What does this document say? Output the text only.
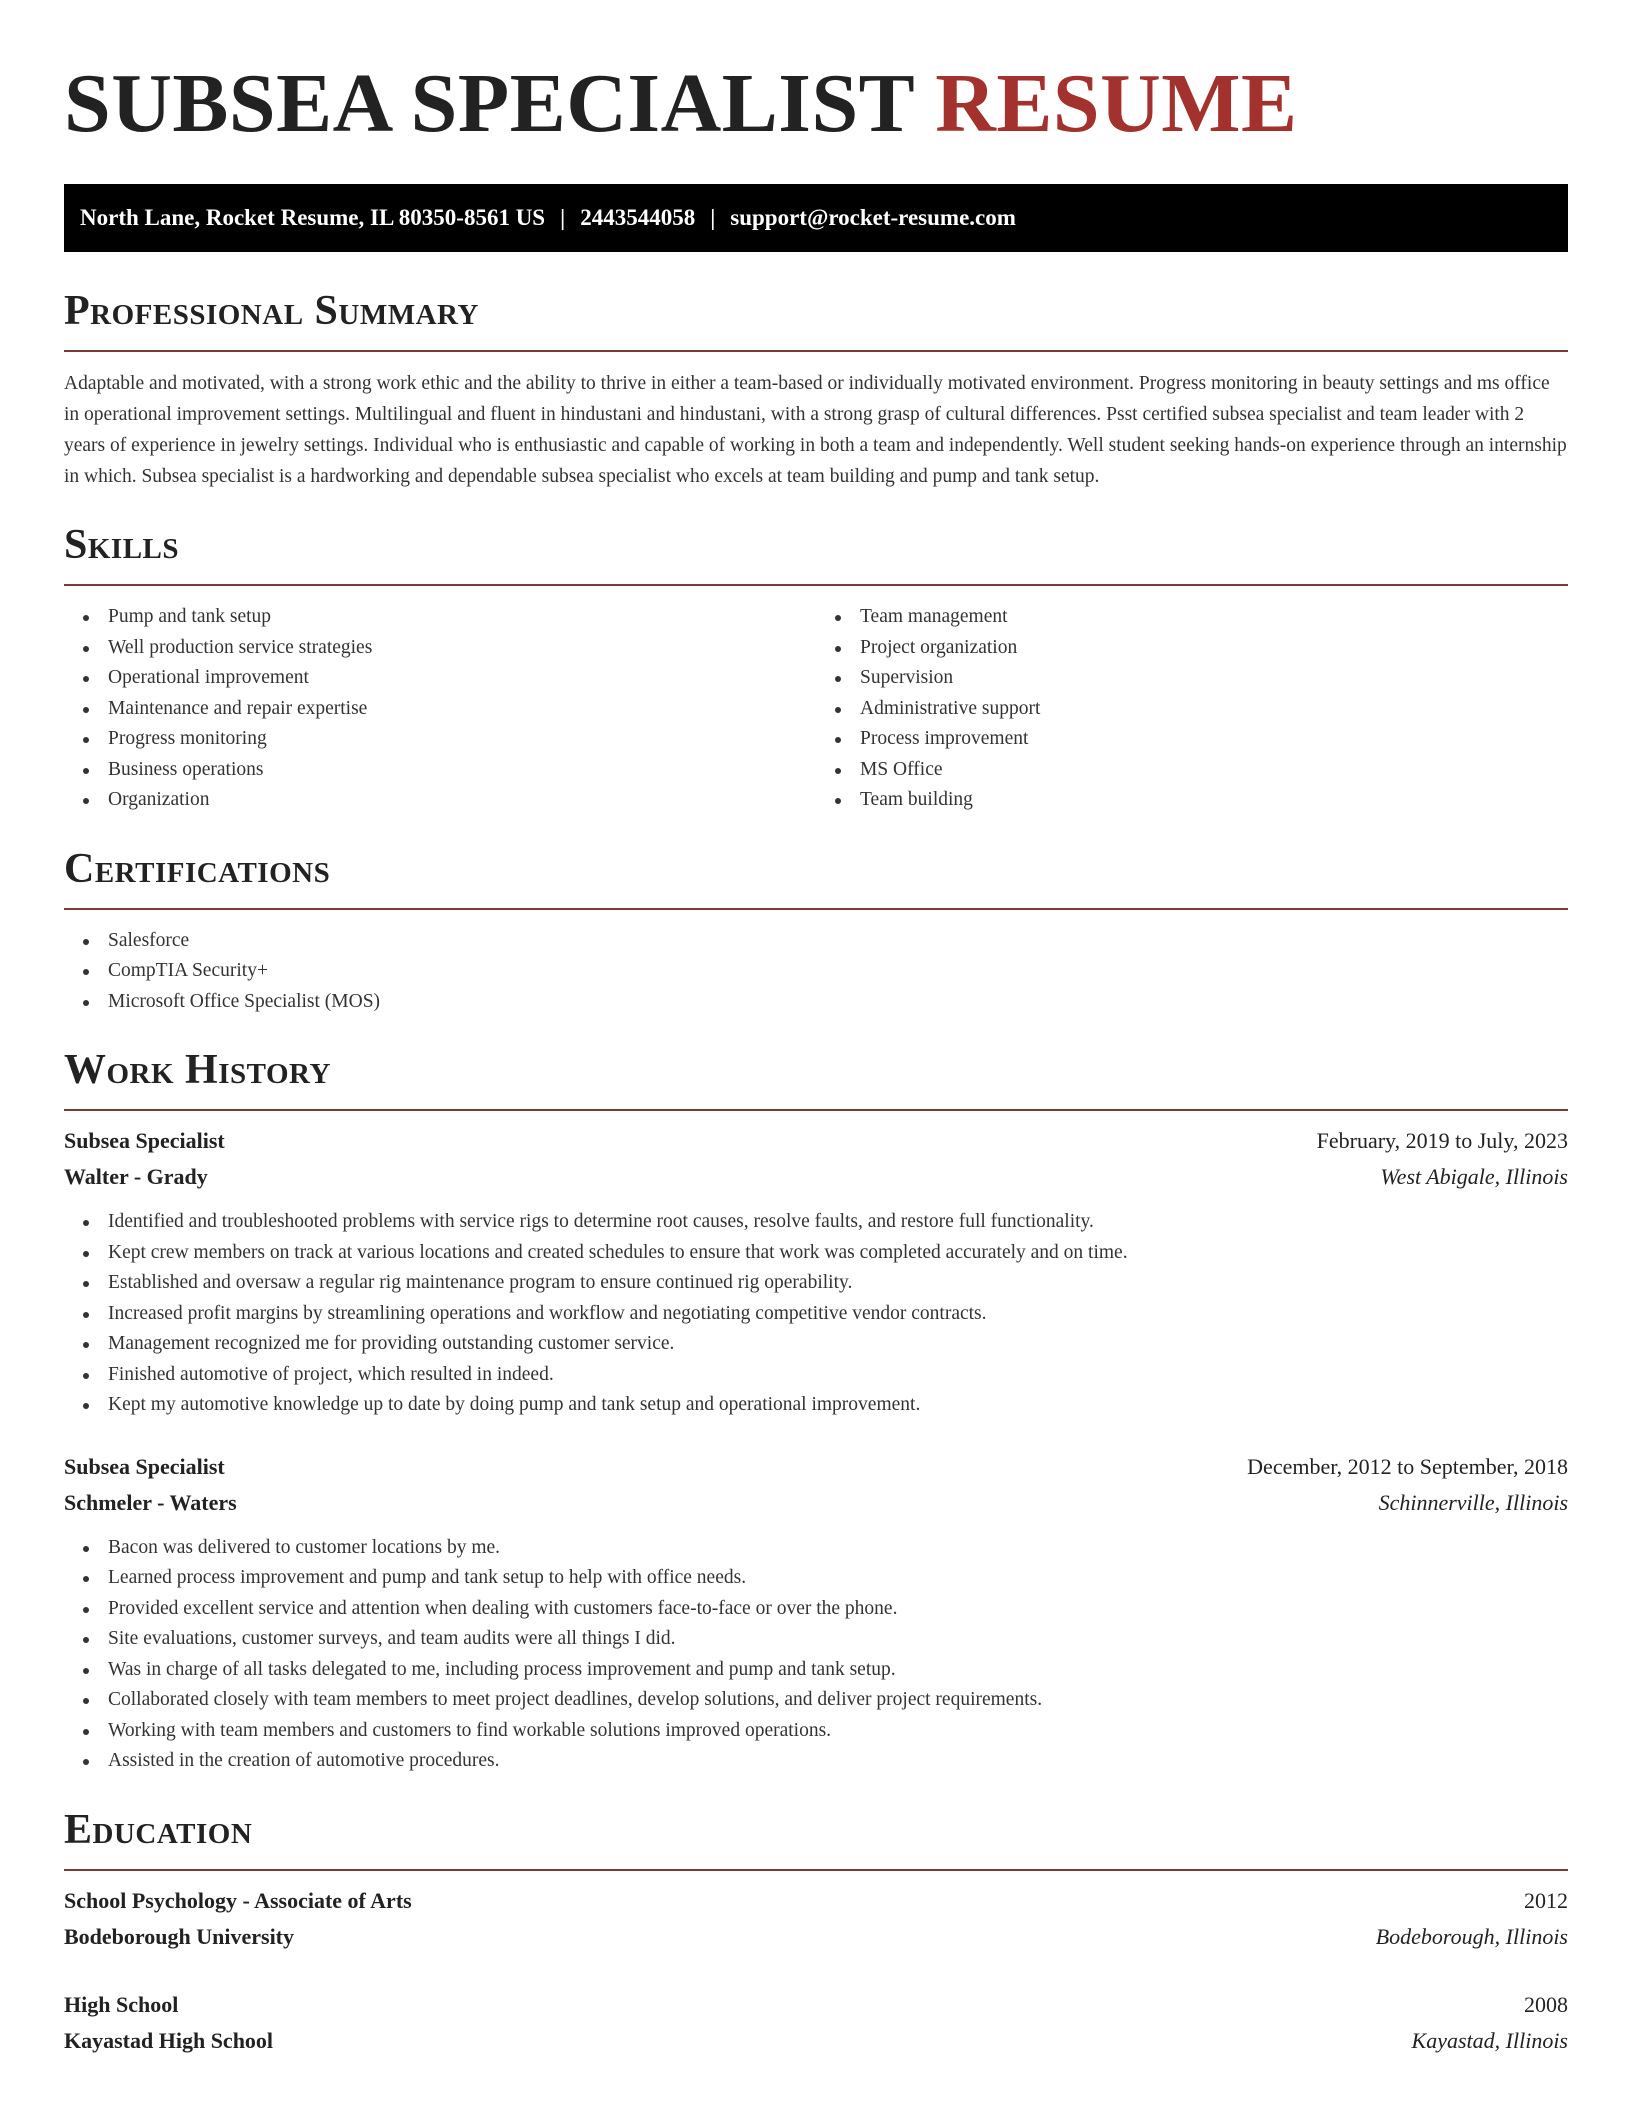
SUBSEA SPECIALIST RESUME
North Lane, Rocket Resume, IL 80350-8561 US | 2443544058 | support@rocket-resume.com
Professional Summary

Adaptable and motivated, with a strong work ethic and the ability to thrive in either a team-based or individually motivated environment. Progress monitoring in beauty settings and ms office in operational improvement settings. Multilingual and fluent in hindustani and hindustani, with a strong grasp of cultural differences. Psst certified subsea specialist and team leader with 2 years of experience in jewelry settings. Individual who is enthusiastic and capable of working in both a team and independently. Well student seeking hands-on experience through an internship in which. Subsea specialist is a hardworking and dependable subsea specialist who excels at team building and pump and tank setup.

Skills
Pump and tank setup
Well production service strategies
Operational improvement
Maintenance and repair expertise
Progress monitoring
Business operations
Organization
Team management
Project organization
Supervision
Administrative support
Process improvement
MS Office
Team building
Certifications
Salesforce
CompTIA Security+
Microsoft Office Specialist (MOS)
Work History
Subsea Specialist	February, 2019 to July, 2023
Walter - Grady	West Abigale, Illinois
Identified and troubleshooted problems with service rigs to determine root causes, resolve faults, and restore full functionality.
Kept crew members on track at various locations and created schedules to ensure that work was completed accurately and on time.
Established and oversaw a regular rig maintenance program to ensure continued rig operability.
Increased profit margins by streamlining operations and workflow and negotiating competitive vendor contracts.
Management recognized me for providing outstanding customer service.
Finished automotive of project, which resulted in indeed.
Kept my automotive knowledge up to date by doing pump and tank setup and operational improvement.
Subsea Specialist	December, 2012 to September, 2018
Schmeler - Waters	Schinnerville, Illinois
Bacon was delivered to customer locations by me.
Learned process improvement and pump and tank setup to help with office needs.
Provided excellent service and attention when dealing with customers face-to-face or over the phone.
Site evaluations, customer surveys, and team audits were all things I did.
Was in charge of all tasks delegated to me, including process improvement and pump and tank setup.
Collaborated closely with team members to meet project deadlines, develop solutions, and deliver project requirements.
Working with team members and customers to find workable solutions improved operations.
Assisted in the creation of automotive procedures.
Education
School Psychology - Associate of Arts	2012
Bodeborough University	Bodeborough, Illinois
High School	2008
Kayastad High School	Kayastad, Illinois
